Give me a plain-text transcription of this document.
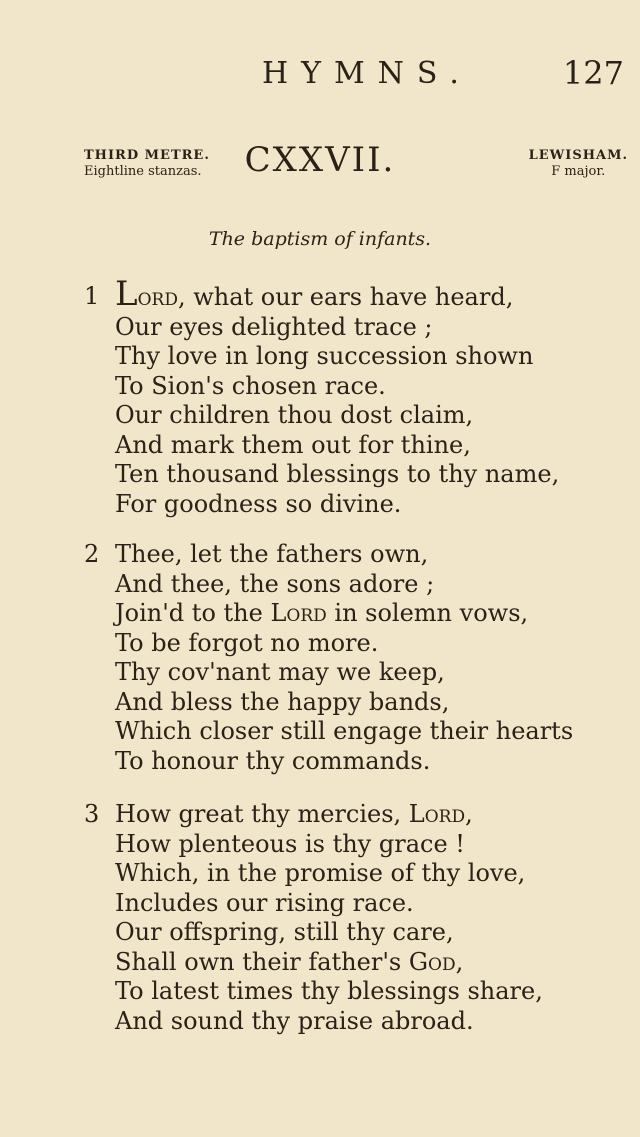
HYMNS.	127
THIRD METRE.
Eightline stanzas.	CXXVII.	LEWISHAM.
F major.
The baptism of infants.
1 Lord, what our ears have heard,
Our eyes delighted trace ;
Thy love in long succession shown
To Sion's chosen race.
Our children thou dost claim,
And mark them out for thine,
Ten thousand blessings to thy name,
For goodness so divine.
2 Thee, let the fathers own,
And thee, the sons adore ;
Join'd to the Lord in solemn vows,
To be forgot no more.
Thy cov'nant may we keep,
And bless the happy bands,
Which closer still engage their hearts
To honour thy commands.
3 How great thy mercies, Lord,
How plenteous is thy grace !
Which, in the promise of thy love,
Includes our rising race.
Our offspring, still thy care,
Shall own their father's God,
To latest times thy blessings share,
And sound thy praise abroad.
